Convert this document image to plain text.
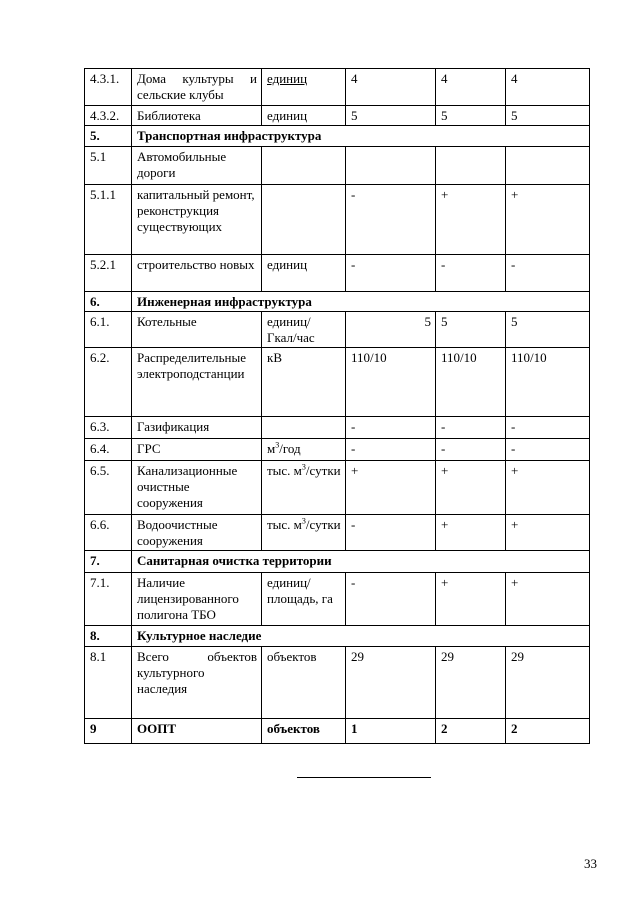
4.3.1.	Дома культуры и сельские клубы	единиц	4	4	4
4.3.2.	Библиотека	единиц	5	5	5
5.	Транспортная инфраструктура				
5.1	Автомобильные дороги				
5.1.1	капитальный ремонт, реконструкция существующих		-	+	+
5.2.1	строительство новых	единиц	-	-	-
6.	Инженерная инфраструктура				
6.1.	Котельные	единиц/ Гкал/час	5	5	5
6.2.	Распределительные электроподстанции	кВ	110/10	110/10	110/10
6.3.	Газификация		-	-	-
6.4.	ГРС	$м^3$/год	-	-	-
6.5.	Канализационные очистные сооружения	тыс. $м^3$/сутки	+	+	+
6.6.	Водоочистные сооружения	тыс. $м^3$/сутки	-	+	+
7.	Санитарная очистка территории				
7.1.	Наличие лицензированного полигона ТБО	единиц/площадь, га	-	+	+
8.	Культурное наследие				
8.1	Всего объектов культурного наследия	объектов	29	29	29
9	ООПТ	объектов	1	2	2
33
